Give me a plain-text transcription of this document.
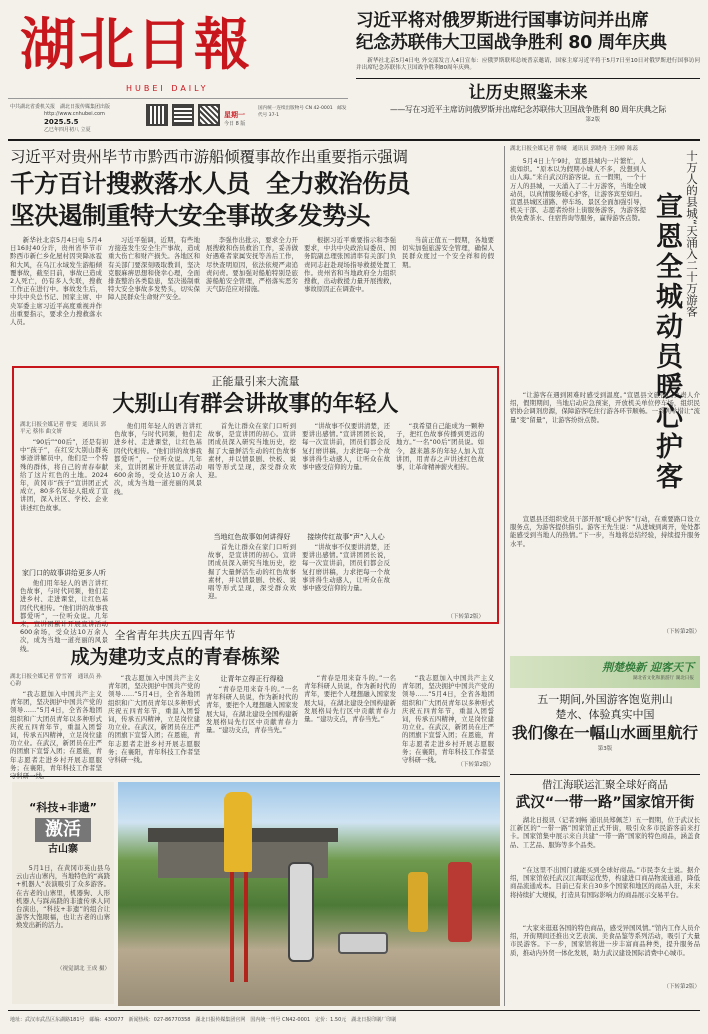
湖北日報
HUBEI DAILY
中共湖北省委机关报　湖北日报传媒集团出版
http://www.cnhubei.com
2025.5.5
乙巳年四月初八 立夏
星期一
今日 8 版
国内统一连续出版物号 CN 42-0001　邮发代号 37-1
习近平将对俄罗斯进行国事访问并出席
纪念苏联伟大卫国战争胜利 80 周年庆典
新华社北京5月4日电 外交部发言人4日宣布：应俄罗斯联邦总统普京邀请，国家主席习近平将于5月7日至10日对俄罗斯进行国事访问并出席纪念苏联伟大卫国战争胜利80周年庆典。
让历史照鉴未来
——写在习近平主席访问俄罗斯并出席纪念苏联伟大卫国战争胜利 80 周年庆典之际
第2版
习近平对贵州毕节市黔西市游船倾覆事故作出重要指示强调
千方百计搜救落水人员  全力救治伤员
坚决遏制重特大安全事故多发势头
新华社北京5月4日电 5月4日16时40分许，贵州省毕节市黔西市新仁乡化屋村因突降冰雹和大风，在乌江水域发生游船倾覆事故，截至目前，事故已造成2人死亡，仍有多人失联，搜救工作正在进行中。事故发生后，中共中央总书记、国家主席、中央军委主席习近平高度重视并作出重要指示，要求全力搜救落水人员。
习近平强调，近期，有些地方接连发生安全生产事故，造成重大伤亡和财产损失。各地区和有关部门要深刻吸取教训，坚决克服麻痹思想和侥幸心理，全面排查整治各类隐患，坚决遏制重特大安全事故多发势头，切实保障人民群众生命财产安全。
李强作出批示，要求全力开展搜救和伤员救治工作，妥善做好遇难者家属安抚等善后工作，尽快查明原因，依法依规严肃追责问责。要加强对船舶特别是旅游船舶安全管理，严格落实恶劣天气防范应对措施。
根据习近平重要指示和李强要求，中共中央政治局委员、国务院副总理张国清率有关部门负责同志赶赴现场指导救援处置工作。贵州省和当地政府全力组织搜救，出动救援力量开展搜救，事故原因正在调查中。
当前正值五一假期，各地要切实加强旅游安全管理，确保人民群众度过一个安全祥和的假期。
正能量引来大流量
大别山有群会讲故事的年轻人
湖北日报全媒记者 曹雯　通讯员 郭平元 蔡伟 曲文妍
“90后”“00后”，还是有初中“孩子”，在红安大别山群英事迹讲解员中，他们是一个特殊的群体，将自己的青春奉献给了这片红色的土地。2024年，黄冈市“孩子”宣讲团正式成立，80多名年轻人组成了宣讲团，深入社区、学校、企业讲述红色故事。
家门口的故事讲给更多人听
他们用年轻人的语言讲红色故事，与时代同频，他们走进乡村、走进课堂，让红色基因代代相传。“他们讲的故事我都爱听”，一位听众说。几年来，宣讲团累计开展宣讲活动600余场，受众达10万余人次，成为当地一道亮丽的风景线。
他们用年轻人的语言讲红色故事，与时代同频，他们走进乡村、走进课堂，让红色基因代代相传。“他们讲的故事我都爱听”，一位听众说。几年来，宣讲团累计开展宣讲活动600余场，受众达10万余人次，成为当地一道亮丽的风景线。
首先让群众在家门口听到故事，是宣讲团的初心。宣讲团成员深入研究当地历史，挖掘了大量鲜活生动的红色故事素材，并以情景剧、快板、说唱等形式呈现，深受群众欢迎。
当地红色故事如何讲得好
首先让群众在家门口听到故事，是宣讲团的初心。宣讲团成员深入研究当地历史，挖掘了大量鲜活生动的红色故事素材，并以情景剧、快板、说唱等形式呈现，深受群众欢迎。
“讲故事不仅要讲清楚，还要讲出感情。”宣讲团团长说，每一次宣讲前，团员们都会反复打磨讲稿，力求把每一个故事讲得生动感人，让听众在故事中感受信仰的力量。
接续传红故事“声”入人心
“讲故事不仅要讲清楚，还要讲出感情。”宣讲团团长说，每一次宣讲前，团员们都会反复打磨讲稿，力求把每一个故事讲得生动感人，让听众在故事中感受信仰的力量。
“我希望自己能成为一颗种子，把红色故事传播到更远的地方。”一名“00后”团员说。如今，越来越多的年轻人加入宣讲团，用青春之声讲述红色故事，让革命精神薪火相传。
（下转第2版）
全省青年共庆五四青年节
成为建功支点的青春栋梁
湖北日报全媒记者 曾雪菁　通讯员 孙心韵
“我志愿加入中国共产主义青年团，坚决拥护中国共产党的领导……”5月4日，全省各地团组织和广大团员青年以多种形式庆祝五四青年节，重温入团誓词，传承五四精神，立足岗位建功立业。在武汉，新团员在庄严的团旗下宣誓入团；在恩施，青年志愿者走进乡村开展志愿服务；在襄阳，青年科技工作者坚
“我志愿加入中国共产主义青年团，坚决拥护中国共产党的领导……”5月4日，全省各地团组织和广大团员青年以多种形式庆祝五四青年节，重温入团誓词，传承五四精神，立足岗位建功立业。在武汉，新团员在庄严的团旗下宣誓入团；在恩施，青年志愿者走进乡村开展志愿服务；在襄阳，青年科技工作者坚守科研一线。
让青年立得正行得稳
“青春是用来奋斗的。”一名青年科研人员说，作为新时代的青年，要把个人理想融入国家发展大局，在湖北建设全国构建新发展格局先行区中贡献青春力量。“建功支点，青春当先。”
“青春是用来奋斗的。”一名青年科研人员说，作为新时代的青年，要把个人理想融入国家发展大局，在湖北建设全国构建新发展格局先行区中贡献青春力量。“建功支点，青春当先。”
“我志愿加入中国共产主义青年团，坚决拥护中国共产党的领导……”5月4日，全省各地团组织和广大团员青年以多种形式庆祝五四青年节，重温入团誓词，传承五四精神，立足岗位建功立业。在武汉，新团员在庄严的团旗下宣誓入团；在恩施，青年志愿者走进乡村开展志愿服务；在襄阳，青年科技工作者坚守科研一线。
（下转第2版）
“科技+非遗”
激活
古山寨
5月1日，在黄冈市英山县乌云山古山寨内，当地特色的“高跷+机器人”表演吸引了众多游客。在古老的山寨里，机器狗、人形机器人与踩高跷的非遗传承人同台演出，“科技+非遗”的组合让游客大饱眼福，也让古老的山寨焕发出新的活力。
（视觉湖北 王成 摄）
湖北日报全媒记者 鲁曦　通讯员 郭晓舟 王剑桥 陈蕊
5月4日上午9时，宣恩县城内一片繁忙，人流如织。“原本以为假期小城人不多，没想到人山人海。”来自武汉的游客说。五一假期，一个十万人的县城，一天涌入了二十万游客，当地全城动员，以真情服务暖心护客，让游客宾至如归。宣恩县城区道路、停车场、景区全面加强引导，机关干部、志愿者纷纷上街服务游客，为游客提供免费茶水、住宿咨询等服务，赢得游客点赞。
“让游客在遇到困难时感受到温度。”宣恩县文旅部门负责人介绍，假期期间，当地启动应急预案，开放机关单位停车场，组织民宿协会调剂房源，保障游客吃住行游各环节顺畅。一系列举措让“流量”变“留量”，让游客纷纷点赞。
宣恩县还组织党员干部开展“暖心护客”行动，在重要路口设立服务点，为游客提供指引。游客王先生说：“从进城到离开，处处都能感受到当地人的热情。”下一步，当地将总结经验，持续提升服务水平。
（下转第2版）
十万人的县城“天涌入二十万游客
宣恩全城动员暖心护客
荆楚焕新 迎客天下
湖北省文化和旅游厅 湖北日报
五一期间,外国游客饱览荆山
楚水、体验真实中国
我们像在一幅山水画里航行
第3版
借江海联运汇聚全球好商品
武汉“一带一路”国家馆开街
湖北日报讯（记者刘畅 通讯员郑佩芝）五一假期，位于武汉长江新区的“一带一路”国家馆正式开街，吸引众多市民游客前来打卡。国家馆集中展示来自共建“一带一路”国家的特色商品，涵盖食品、工艺品、服饰等多个品类。
“在这里不出国门就能买到全球好商品。”市民李女士说。据介绍，国家馆依托武汉江海联运优势，构建进口商品物流通道，降低商品流通成本。目前已有来自30多个国家和地区的商品入驻，未来将持续扩大规模，打造具有国际影响力的商品展示交易平台。
“大家来逛逛各国的特色商品，感受异国风情。”馆内工作人员介绍，开街期间还推出文艺表演、美食品鉴等系列活动，吸引了大量市民游客。下一步，国家馆将进一步丰富商品种类，提升服务品质，推动内外贸一体化发展，助力武汉建设国际消费中心城市。
（下转第2版）
地址：武汉市武昌区东湖路181号　邮编：430077　新闻热线：027-86770358　湖北日报传媒集团官网　国内统一刊号 CN42-0001　定价：1.50元　湖北日报印刷厂印刷
